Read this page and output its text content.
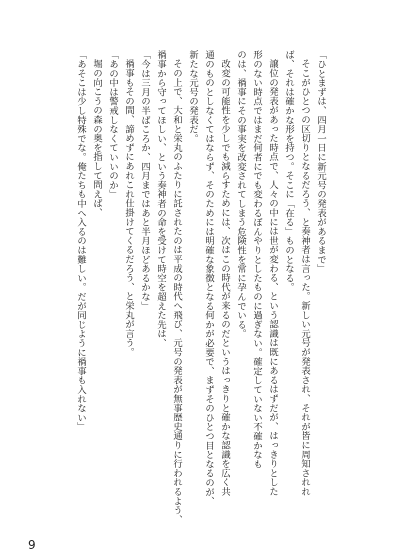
「ひとまずは、四月一日に新元号の発表があるまで」

そこがひとつの区切りとなるだろう、と奏神者は言った。新しい元号が発表され、それが皆に周知されれ

ば、それは確かな形を持つ。そこに「在る」ものとなる。

譲位の発表があった時点で、人々の中には世が変わる、という認識は既にあるはずだが、はっきりとした

形のない時点ではまだ何者にでも変わるぼんやりとしたものに過ぎない。確定していない不確かなも

のは、禍事にその事実を改変されてしまう危険性を常に孕んでいる。

改変の可能性を少しでも減らすためには、次はこの時代が来るのだというはっきりと確かな認識を広く共

通のものとしなくてはならず、そのためには明確な象徴となる何かが必要で、まずそのひとつ目となるのが、

新たな元号の発表だ。

その上で、大和と栄丸のふたりに託されたのは平成の時代へ飛び、元号の発表が無事歴史通りに行われるよう、

禍事から守ってほしい、という奏神者の命を受けて時空を超えた先は、

「今は三月の半ばころか、四月まではあと半月ほどあるかな」

禍事もその間、諦めずにあれこれ仕掛けてくるだろう、と栄丸が言う。

「あの中は警戒しなくていいのか」

堀の向こうの森の奥を指して問えば、

「あそこは少し特殊でな。俺たちも中へ入るのは難しい。だが同じように禍事も入れない」

9
